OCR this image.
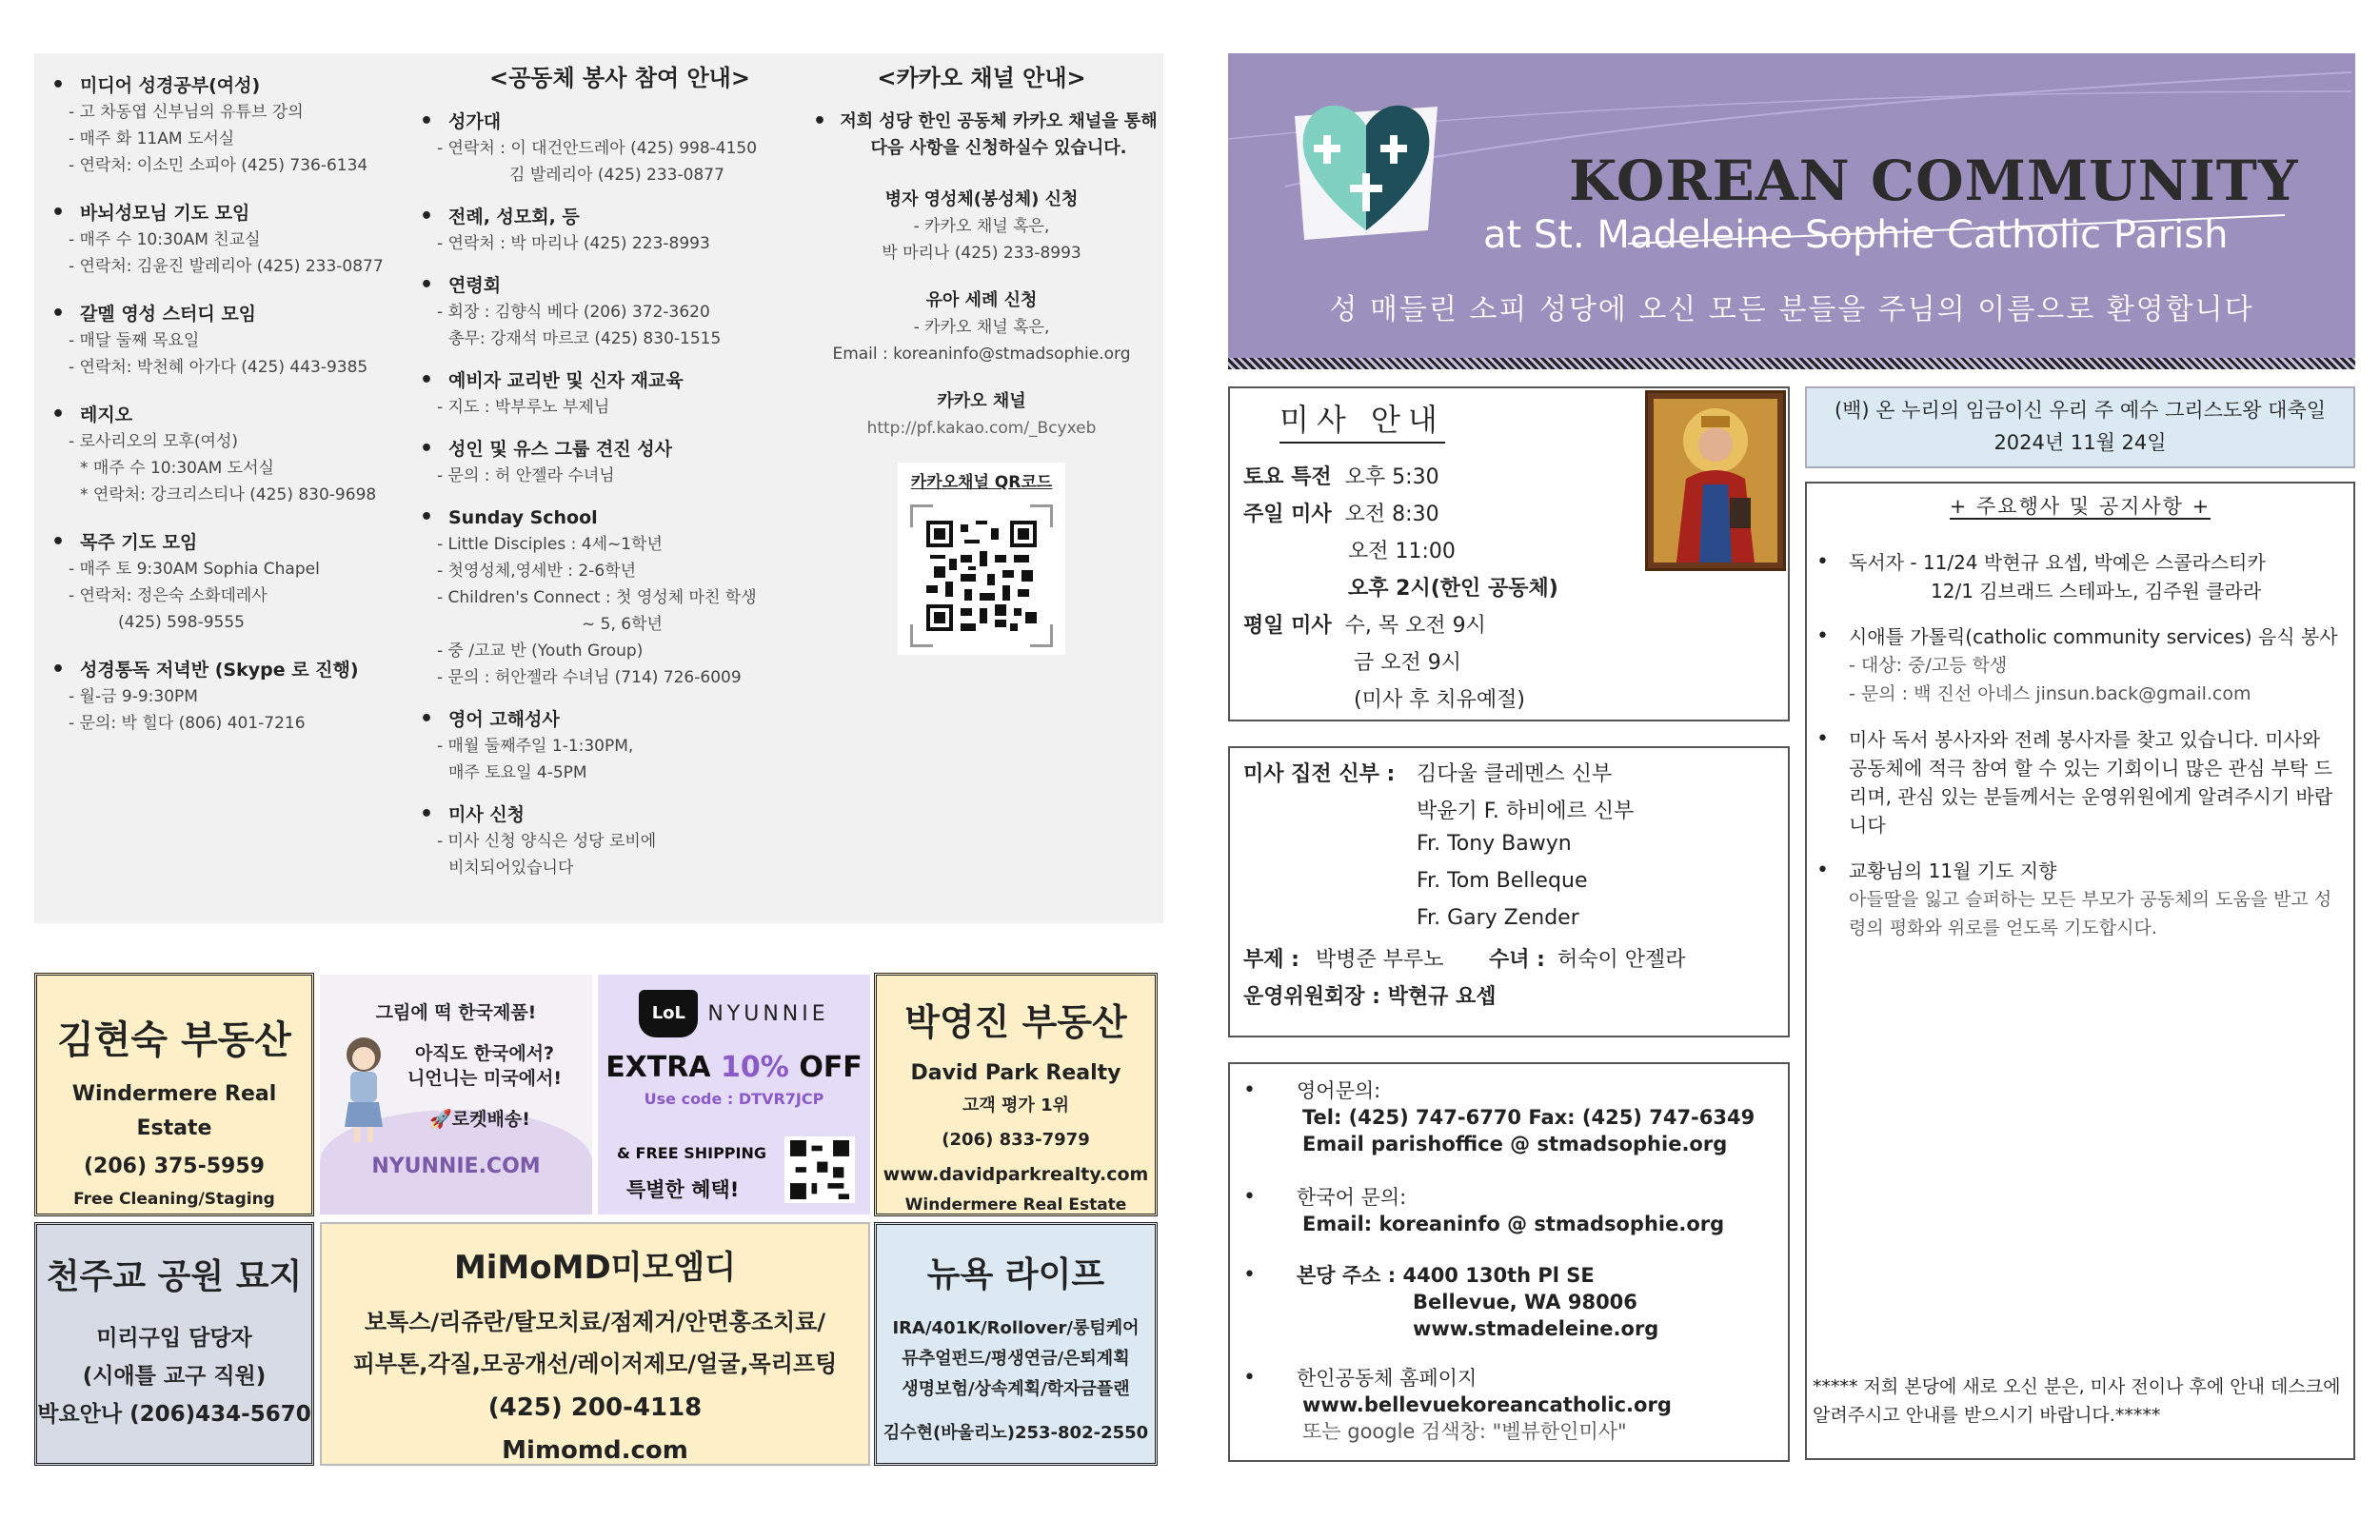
• 미디어 성경공부(여성)
- 고 차동엽 신부님의 유튜브 강의
- 매주 화 11AM 도서실
- 연락처: 이소민 소피아 (425) 736-6134
• 바뇌성모님 기도 모임
- 매주 수 10:30AM 친교실
- 연락처: 김윤진 발레리아 (425) 233-0877
• 갈멜 영성 스터디 모임
- 매달 둘째 목요일
- 연락처: 박천혜 아가다 (425) 443-9385
• 레지오
- 로사리오의 모후(여성)
* 매주 수 10:30AM 도서실
* 연락처: 강크리스티나 (425) 830-9698
• 목주 기도 모임
- 매주 토 9:30AM Sophia Chapel
- 연락처: 정은숙 소화데레사
(425) 598-9555
• 성경통독 저녁반 (Skype 로 진행)
- 월-금 9-9:30PM
- 문의: 박 힐다 (806) 401-7216
<공동체 봉사 참여 안내>
• 성가대
- 연락처 : 이 대건안드레아 (425) 998-4150
김 발레리아 (425) 233-0877
• 전례, 성모회, 등
- 연락처 : 박 마리나 (425) 223-8993
• 연령회
- 회장 : 김향식 베다 (206) 372-3620
총무: 강재석 마르코 (425) 830-1515
• 예비자 교리반 및 신자 재교육
- 지도 : 박부루노 부제님
• 성인 및 유스 그룹 견진 성사
- 문의 : 허 안젤라 수녀님
• Sunday School
- Little Disciples : 4세~1학년
- 첫영성체,영세반 : 2-6학년
- Children's Connect : 첫 영성체 마친 학생
~ 5, 6학년
- 중 /고교 반 (Youth Group)
- 문의 : 허안젤라 수녀님 (714) 726-6009
• 영어 고해성사
- 매월 둘째주일 1-1:30PM,
매주 토요일 4-5PM
• 미사 신청
- 미사 신청 양식은 성당 로비에
비치되어있습니다
<카카오 채널 안내>
• 저희 성당 한인 공동체 카카오 채널을 통해 다음 사항을 신청하실수 있습니다.
병자 영성체(봉성체) 신청
- 카카오 채널 혹은,
박 마리나 (425) 233-8993
유아 세례 신청
- 카카오 채널 혹은,
Email : koreaninfo@stmadsophie.org
카카오 채널
http://pf.kakao.com/_Bcyxeb
카카오채널 QR코드
김현숙 부동산
Windermere Real Estate
(206) 375-5959
Free Cleaning/Staging
그림에 떡 한국제품!
아직도 한국에서?
니언니는 미국에서!
🚀로켓배송!
NYUNNIE.COM
LoL	NYUNNIE
EXTRA 10% OFF
Use code : DTVR7JCP
& FREE SHIPPING
특별한 혜택!
박영진 부동산
David Park Realty
고객 평가 1위
(206) 833-7979
www.davidparkrealty.com
Windermere Real Estate
천주교 공원 묘지
미리구입 담당자
(시애틀 교구 직원)
박요안나 (206)434-5670
MiMoMD미모엠디
보톡스/리쥬란/탈모치료/점제거/안면홍조치료/
피부톤,각질,모공개선/레이저제모/얼굴,목리프팅
(425) 200-4118
Mimomd.com
뉴욕 라이프
IRA/401K/Rollover/롱텀케어
뮤추얼펀드/평생연금/은퇴계획
생명보험/상속계획/학자금플랜
김수현(바울리노)253-802-2550
KOREAN COMMUNITY
at St. Madeleine Sophie Catholic Parish
성 매들린 소피 성당에 오신 모든 분들을 주님의 이름으로 환영합니다
미사 안내
토요 특전 오후 5:30
주일 미사 오전 8:30
오전 11:00
오후 2시(한인 공동체)
평일 미사 수, 목 오전 9시
금 오전 9시
(미사 후 치유예절)
(백) 온 누리의 임금이신 우리 주 예수 그리스도왕 대축일
2024년 11월 24일
+ 주요행사 및 공지사항 +
• 독서자 - 11/24 박현규 요셉, 박예은 스콜라스티카
12/1 김브래드 스테파노, 김주원 클라라
• 시애틀 가톨릭(catholic community services) 음식 봉사
- 대상: 중/고등 학생
- 문의 : 백 진선 아네스 jinsun.back@gmail.com
• 미사 독서 봉사자와 전례 봉사자를 찾고 있습니다. 미사와 공동체에 적극 참여 할 수 있는 기회이니 많은 관심 부탁 드리며, 관심 있는 분들께서는 운영위원에게 알려주시기 바랍니다
• 교황님의 11월 기도 지향
아들딸을 잃고 슬퍼하는 모든 부모가 공동체의 도움을 받고 성령의 평화와 위로를 얻도록 기도합시다.
***** 저희 본당에 새로 오신 분은, 미사 전이나 후에 안내 데스크에 알려주시고 안내를 받으시기 바랍니다.*****
미사 집전 신부 : 김다울 클레멘스 신부
박윤기 F. 하비에르 신부
Fr. Tony Bawyn
Fr. Tom Belleque
Fr. Gary Zender
부제 : 박병준 부루노 수녀 : 허숙이 안젤라
운영위원회장 : 박현규 요셉
•	영어문의:
Tel: (425) 747-6770 Fax: (425) 747-6349
Email parishoffice @ stmadsophie.org
•	한국어 문의:
Email: koreaninfo @ stmadsophie.org
•	본당 주소 : 4400 130th Pl SE
Bellevue, WA 98006
www.stmadeleine.org
•	한인공동체 홈페이지
www.bellevuekoreancatholic.org
또는 google 검색창: "벨뷰한인미사"
